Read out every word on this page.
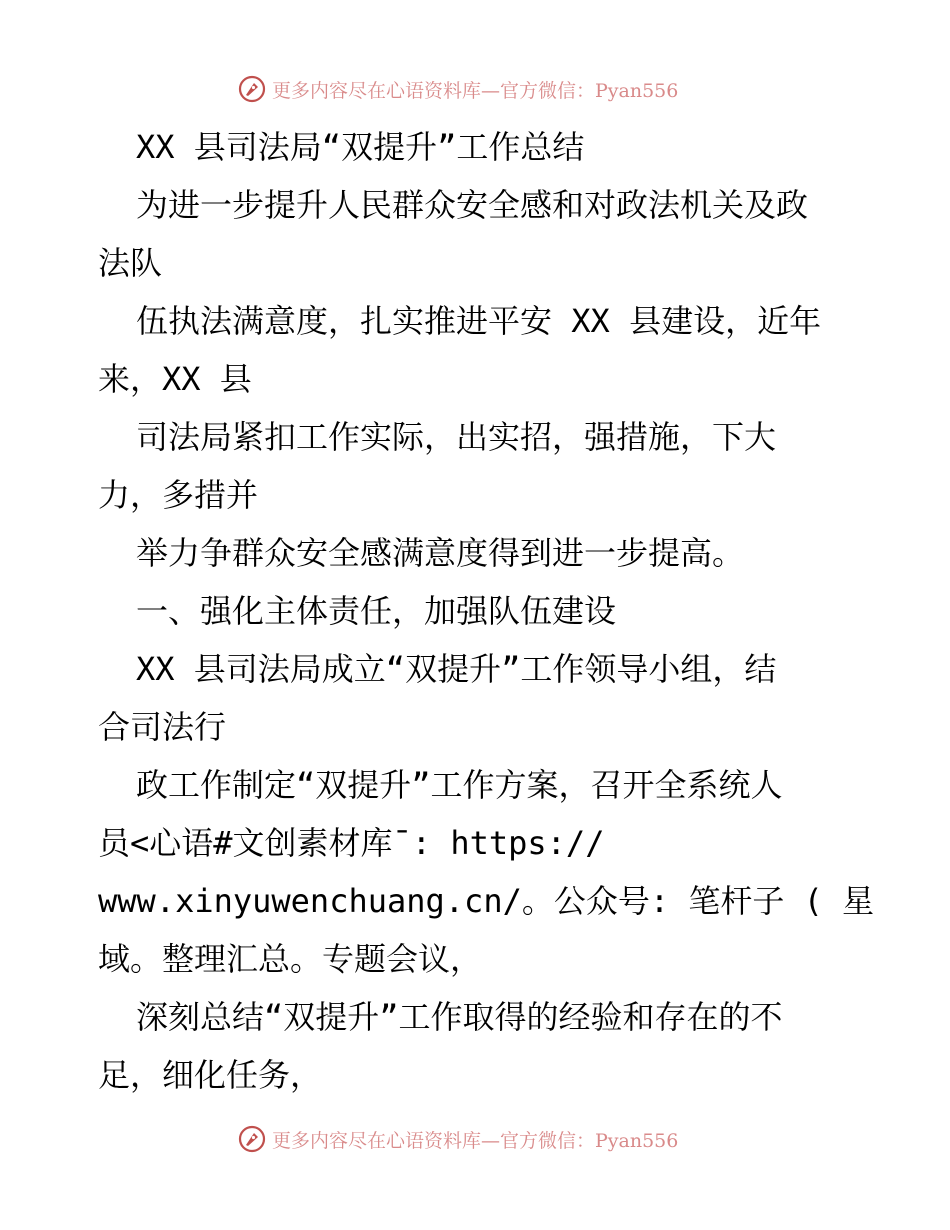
更多内容尽在心语资料库—官方微信：Pyan556
XX 县司法局“双提升”工作总结
为进一步提升人民群众安全感和对政法机关及政
法队
伍执法满意度，扎实推进平安 XX 县建设，近年
来，XX 县
司法局紧扣工作实际，出实招，强措施，下大
力，多措并
举力争群众安全感满意度得到进一步提高。
一、强化主体责任，加强队伍建设
XX 县司法局成立“双提升”工作领导小组，结
合司法行
政工作制定“双提升”工作方案，召开全系统人
员<心语#文创素材库¯: https://
www.xinyuwenchuang.cn/。公众号: 笔杆子 ( 星
域。整理汇总。专题会议，
深刻总结“双提升”工作取得的经验和存在的不
足，细化任务，
更多内容尽在心语资料库—官方微信：Pyan556
